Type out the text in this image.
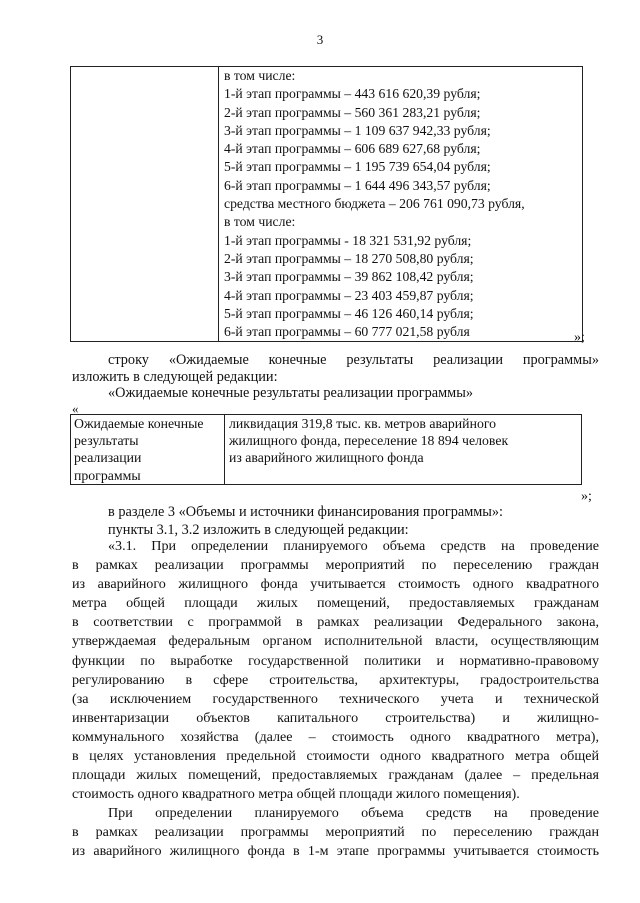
3

в том числе:
1-й этап программы – 443 616 620,39 рубля;
2-й этап программы – 560 361 283,21 рубля;
3-й этап программы – 1 109 637 942,33 рубля;
4-й этап программы – 606 689 627,68 рубля;
5-й этап программы – 1 195 739 654,04 рубля;
6-й этап программы – 1 644 496 343,57 рубля;
средства местного бюджета – 206 761 090,73 рубля,
в том числе:
1-й этап программы - 18 321 531,92 рубля;
2-й этап программы – 18 270 508,80 рубля;
3-й этап программы – 39 862 108,42 рубля;
4-й этап программы – 23 403 459,87 рубля;
5-й этап программы – 46 126 460,14 рубля;
6-й этап программы – 60 777 021,58 рубля	»;
строку «Ожидаемые конечные результаты реализации программы»
изложить в следующей редакции:
«Ожидаемые конечные результаты реализации программы»
«
Ожидаемые конечные
результаты
реализации
программы

ликвидация 319,8 тыс. кв. метров аварийного
жилищного фонда, переселение 18 894 человек
из аварийного жилищного фонда
»;
в разделе 3 «Объемы и источники финансирования программы»:
пункты 3.1, 3.2 изложить в следующей редакции:
«3.1. При определении планируемого объема средств на проведение
в рамках реализации программы мероприятий по переселению граждан
из аварийного жилищного фонда учитывается стоимость одного квадратного
метра общей площади жилых помещений, предоставляемых гражданам
в соответствии с программой в рамках реализации Федерального закона,
утверждаемая федеральным органом исполнительной власти, осуществляющим
функции по выработке государственной политики и нормативно-правовому
регулированию в сфере строительства, архитектуры, градостроительства
(за исключением государственного технического учета и технической
инвентаризации объектов капитального строительства) и жилищно-
коммунального хозяйства (далее – стоимость одного квадратного метра),
в целях установления предельной стоимости одного квадратного метра общей
площади жилых помещений, предоставляемых гражданам (далее – предельная
стоимость одного квадратного метра общей площади жилого помещения).
При определении планируемого объема средств на проведение
в рамках реализации программы мероприятий по переселению граждан
из аварийного жилищного фонда в 1-м этапе программы учитывается стоимость
